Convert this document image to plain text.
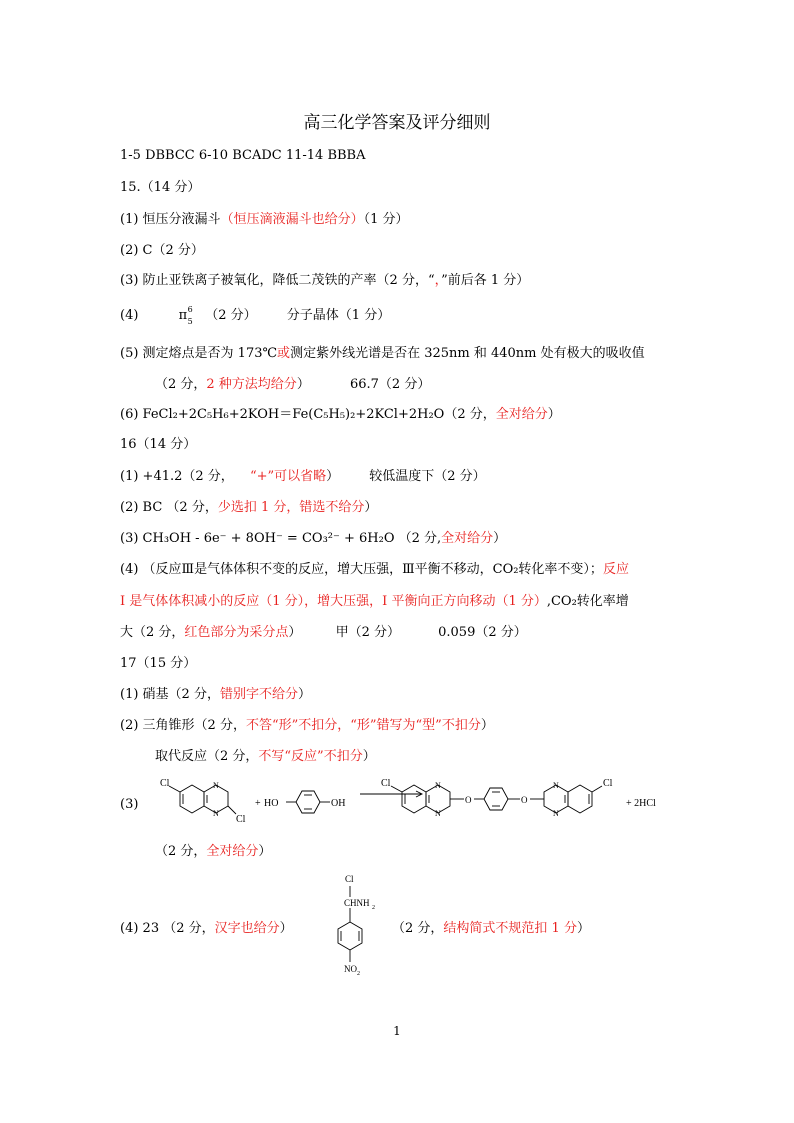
高三化学答案及评分细则
1-5 DBBCC 6-10 BCADC 11-14 BBBA
15.（14 分）
(1) 恒压分液漏斗（恒压滴液漏斗也给分）（1 分）
(2) C（2 分）
(3) 防止亚铁离子被氧化，降低二茂铁的产率（2 分，“，”前后各 1 分）
(4)	π 6
5 （2 分） 分子晶体（1 分）
(5) 测定熔点是否为 173℃或测定紫外线光谱是否在 325nm 和 440nm 处有极大的吸收值
（2 分，2 种方法均给分）	66.7（2 分）
(6) FeCl₂+2C₅H₆+2KOH＝Fe(C₅H₅)₂+2KCl+2H₂O（2 分，全对给分）
16（14 分）
(1) +41.2（2 分， “+”可以省略） 较低温度下（2 分）
(2) BC （2 分，少选扣 1 分，错选不给分）
(3) CH₃OH - 6e⁻ + 8OH⁻ = CO₃²⁻ + 6H₂O （2 分,全对给分）
(4) （反应Ⅲ是气体体积不变的反应，增大压强，Ⅲ平衡不移动，CO₂转化率不变）；反应
Ⅰ 是气体体积减小的反应（1 分），增大压强，Ⅰ 平衡向正方向移动（1 分）,CO₂转化率增
大（2 分，红色部分为采分点）	甲（2 分）	0.059（2 分）
17（15 分）
(1) 硝基（2 分，错别字不给分）
(2) 三角锥形（2 分，不答“形”不扣分，“形”错写为“型”不扣分）
取代反应（2 分，不写“反应”不扣分）
(3)
Cl	N
N
Cl
+ HO	OH
Cl	N
N
O	O
N
N
Cl
+ 2HCl
（2 分，全对给分）
(4) 23 （2 分，汉字也给分）
Cl
CHNH 2
NO 2
（2 分，结构简式不规范扣 1 分）
1
